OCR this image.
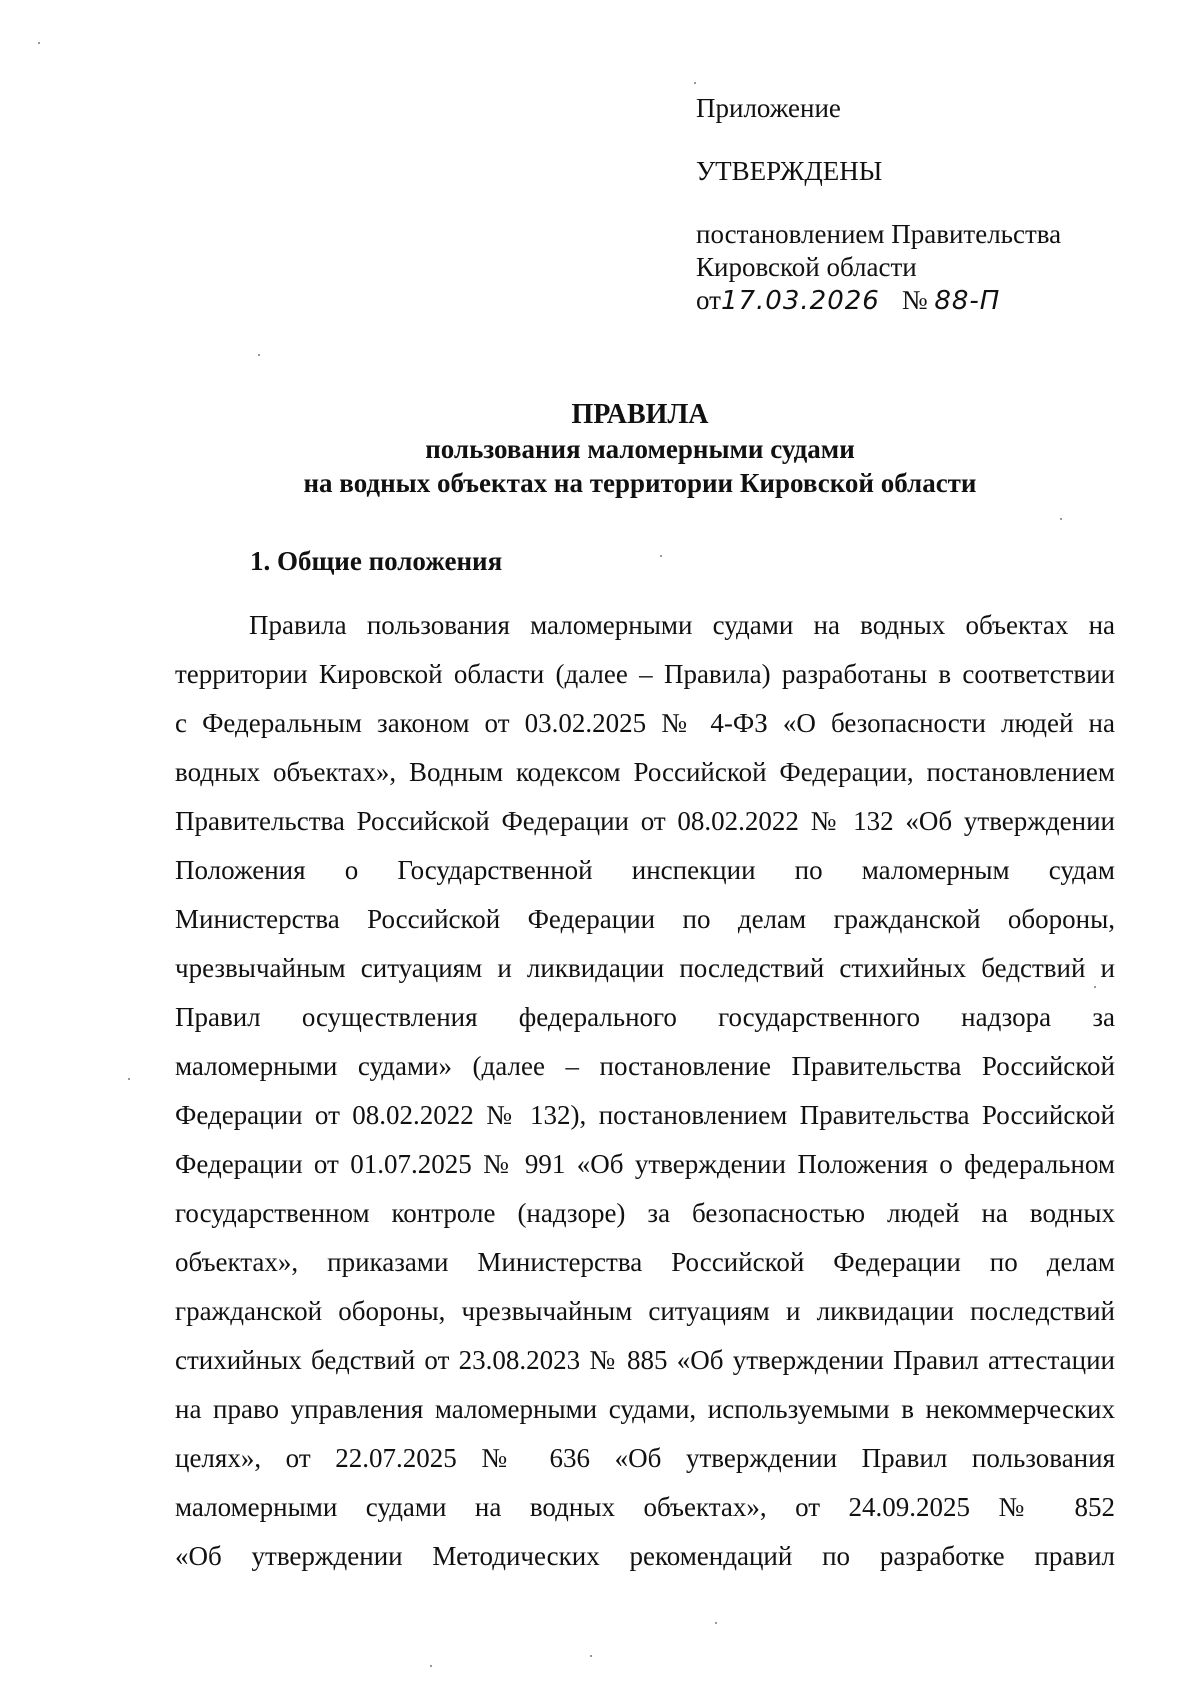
Приложение
УТВЕРЖДЕНЫ
постановлением Правительства
Кировской области
от17.03.2026 № 88-П
ПРАВИЛА
пользования маломерными судами
на водных объектах на территории Кировской области
1. Общие положения
Правила пользования маломерными судами на водных объектах на
территории Кировской области (далее – Правила) разработаны в соответствии
с Федеральным законом от 03.02.2025 № 4-ФЗ «О безопасности людей на
водных объектах», Водным кодексом Российской Федерации, постановлением
Правительства Российской Федерации от 08.02.2022 № 132 «Об утверждении
Положения о Государственной инспекции по маломерным судам
Министерства Российской Федерации по делам гражданской обороны,
чрезвычайным ситуациям и ликвидации последствий стихийных бедствий и
Правил осуществления федерального государственного надзора за
маломерными судами» (далее – постановление Правительства Российской
Федерации от 08.02.2022 № 132), постановлением Правительства Российской
Федерации от 01.07.2025 № 991 «Об утверждении Положения о федеральном
государственном контроле (надзоре) за безопасностью людей на водных
объектах», приказами Министерства Российской Федерации по делам
гражданской обороны, чрезвычайным ситуациям и ликвидации последствий
стихийных бедствий от 23.08.2023 № 885 «Об утверждении Правил аттестации
на право управления маломерными судами, используемыми в некоммерческих
целях», от 22.07.2025 № 636 «Об утверждении Правил пользования
маломерными судами на водных объектах», от 24.09.2025 № 852
«Об утверждении Методических рекомендаций по разработке правил
